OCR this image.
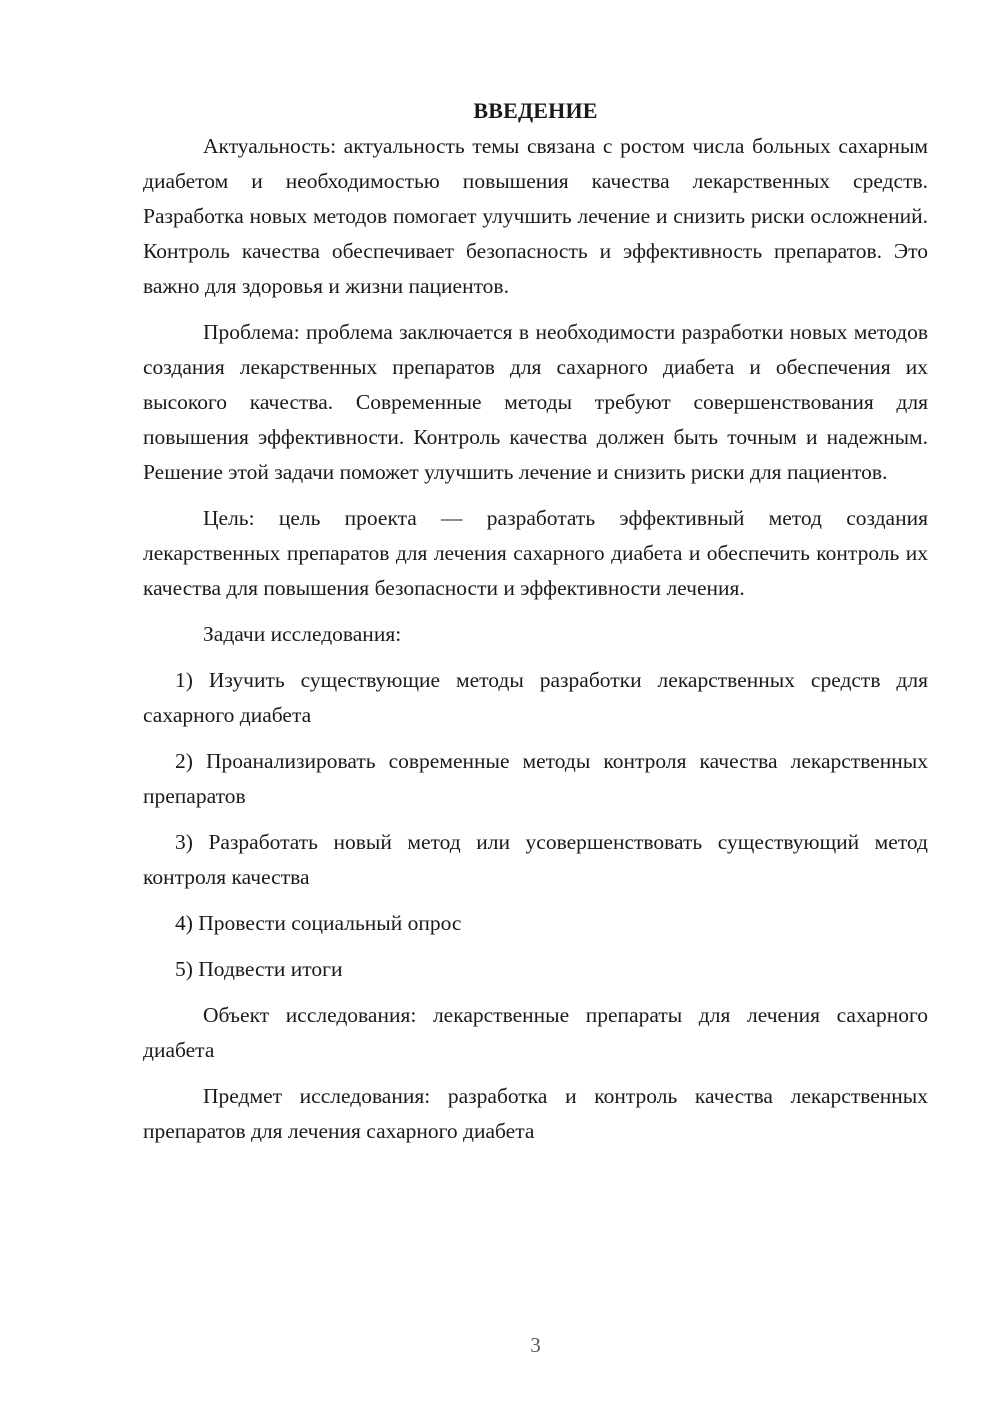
ВВЕДЕНИЕ

Актуальность: актуальность темы связана с ростом числа больных сахарным диабетом и необходимостью повышения качества лекарственных средств. Разработка новых методов помогает улучшить лечение и снизить риски осложнений. Контроль качества обеспечивает безопасность и эффективность препаратов. Это важно для здоровья и жизни пациентов.

Проблема: проблема заключается в необходимости разработки новых методов создания лекарственных препаратов для сахарного диабета и обеспечения их высокого качества. Современные методы требуют совершенствования для повышения эффективности. Контроль качества должен быть точным и надежным. Решение этой задачи поможет улучшить лечение и снизить риски для пациентов.

Цель: цель проекта — разработать эффективный метод создания лекарственных препаратов для лечения сахарного диабета и обеспечить контроль их качества для повышения безопасности и эффективности лечения.

Задачи исследования:

1) Изучить существующие методы разработки лекарственных средств для сахарного диабета

2) Проанализировать современные методы контроля качества лекарственных препаратов

3) Разработать новый метод или усовершенствовать существующий метод контроля качества

4) Провести социальный опрос

5) Подвести итоги

Объект исследования: лекарственные препараты для лечения сахарного диабета

Предмет исследования: разработка и контроль качества лекарственных препаратов для лечения сахарного диабета

3
